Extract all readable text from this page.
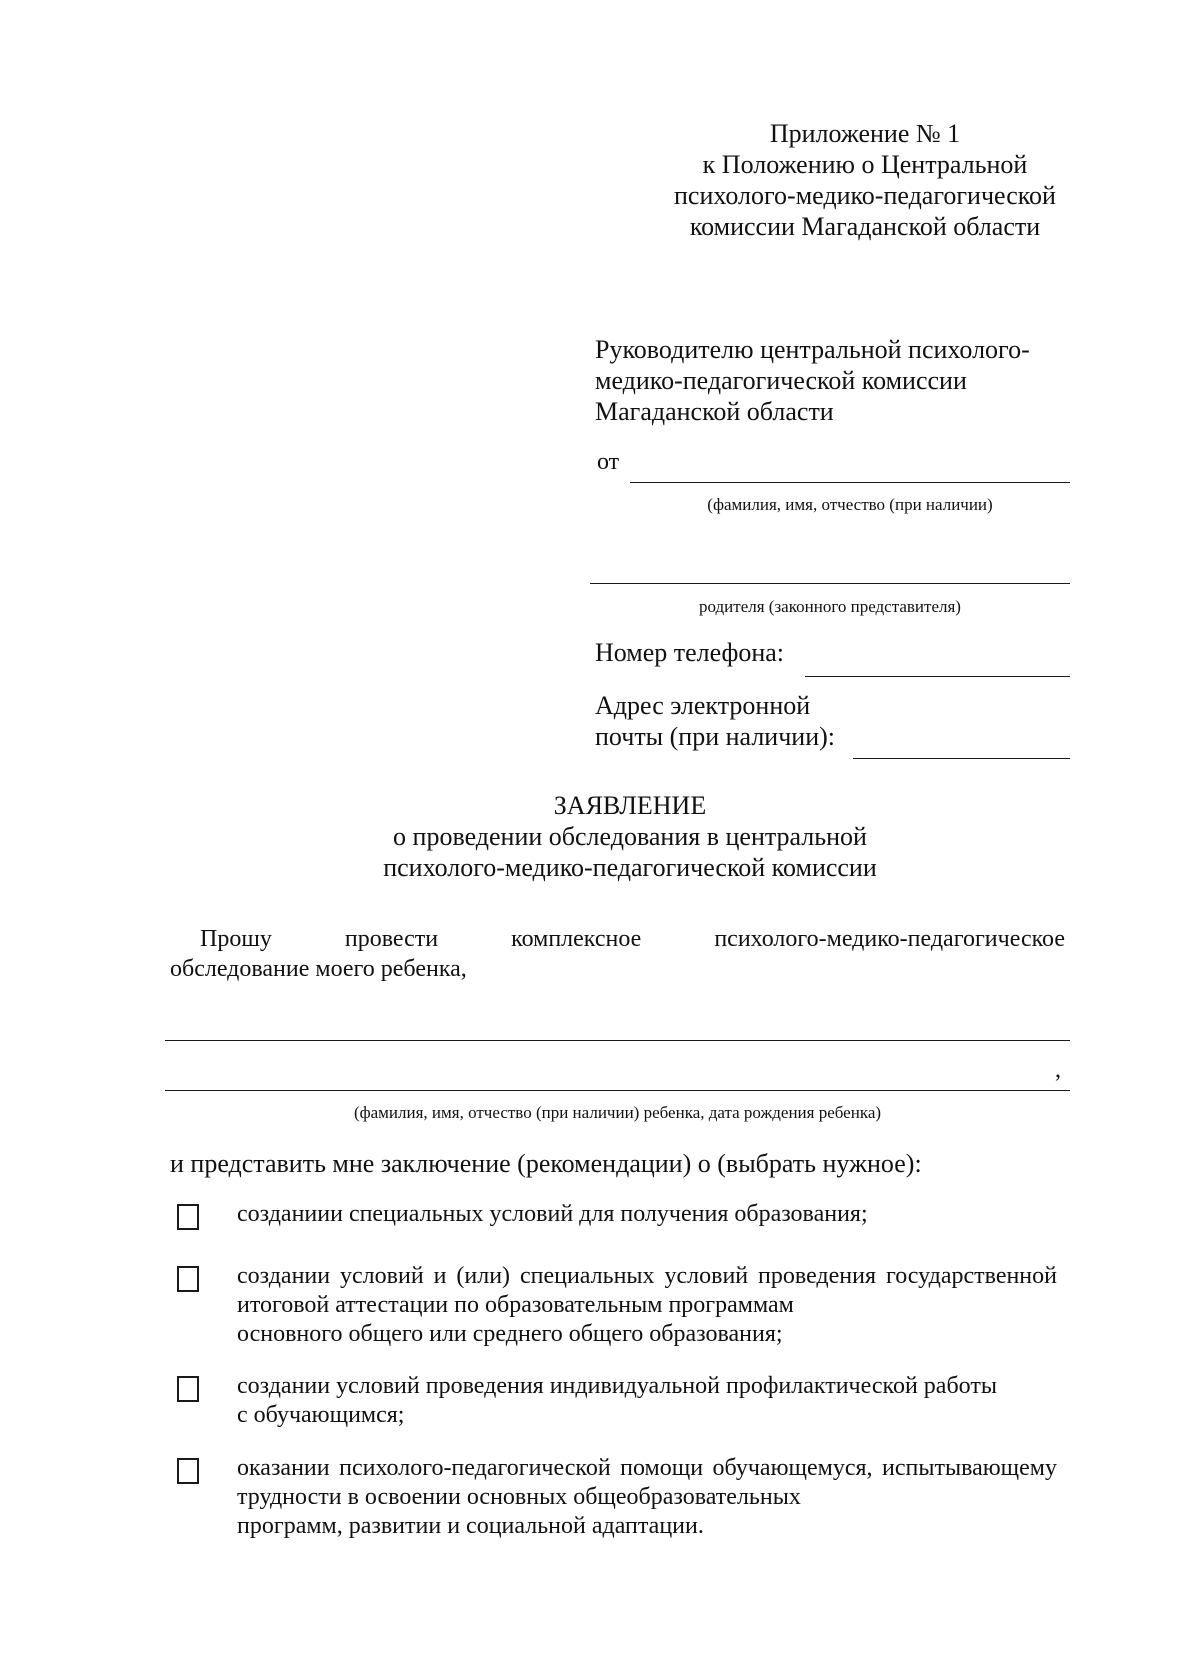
Приложение № 1
к Положению о Центральной
психолого-медико-педагогической
комиссии Магаданской области
Руководителю центральной психолого-
медико-педагогической комиссии
Магаданской области
от
(фамилия, имя, отчество (при наличии)
родителя (законного представителя)
Номер телефона:
Адрес электронной
почты (при наличии):
ЗАЯВЛЕНИЕ
о проведении обследования в центральной
психолого-медико-педагогической комиссии
Прошу провести комплексное психолого-медико-педагогическое
обследование моего ребенка,
,
(фамилия, имя, отчество (при наличии) ребенка, дата рождения ребенка)
и представить мне заключение (рекомендации) о (выбрать нужное):
созданиии специальных условий для получения образования;
создании условий и (или) специальных условий проведения государственной итоговой аттестации по образовательным программам
основного общего или среднего общего образования;
создании условий проведения индивидуальной профилактической работы
с обучающимся;
оказании психолого-педагогической помощи обучающемуся, испытывающему трудности в освоении основных общеобразовательных
программ, развитии и социальной адаптации.
